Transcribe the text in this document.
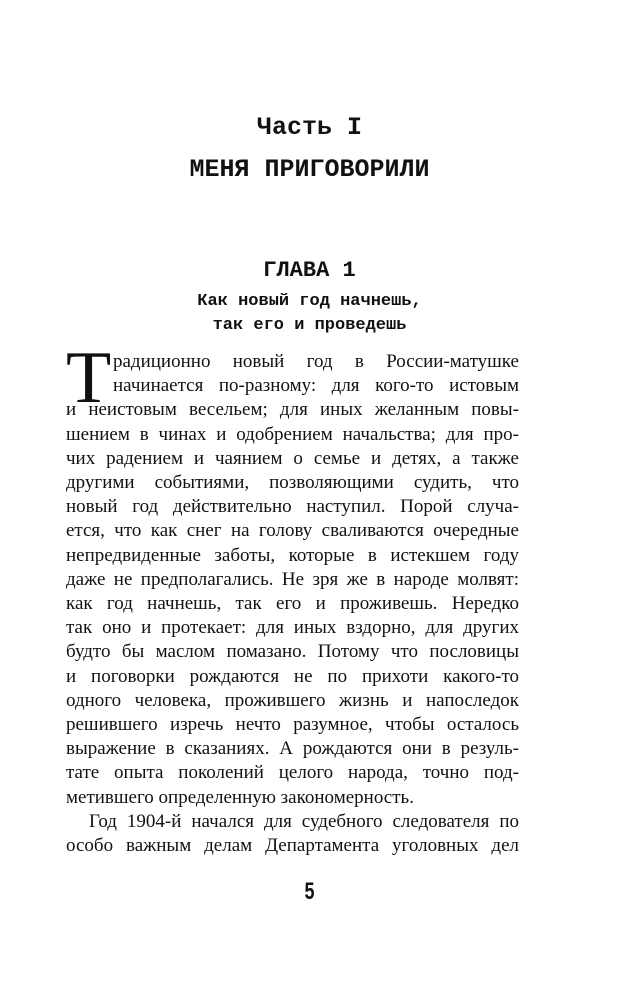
Часть I
МЕНЯ ПРИГОВОРИЛИ
ГЛАВА 1
Как новый год начнешь,
так его и проведешь
Т радиционно новый год в России-матушке
начинается по-разному: для кого-то истовым
и неистовым весельем; для иных желанным повы-
шением в чинах и одобрением начальства; для про-
чих радением и чаянием о семье и детях, а также
другими событиями, позволяющими судить, что
новый год действительно наступил. Порой случа-
ется, что как снег на голову сваливаются очередные
непредвиденные заботы, которые в истекшем году
даже не предполагались. Не зря же в народе молвят:
как год начнешь, так его и проживешь. Нередко
так оно и протекает: для иных вздорно, для других
будто бы маслом помазано. Потому что пословицы
и поговорки рождаются не по прихоти какого-то
одного человека, прожившего жизнь и напоследок
решившего изречь нечто разумное, чтобы осталось
выражение в сказаниях. А рождаются они в резуль-
тате опыта поколений целого народа, точно под-
метившего определенную закономерность.
Год 1904-й начался для судебного следователя по
особо важным делам Департамента уголовных дел
5
